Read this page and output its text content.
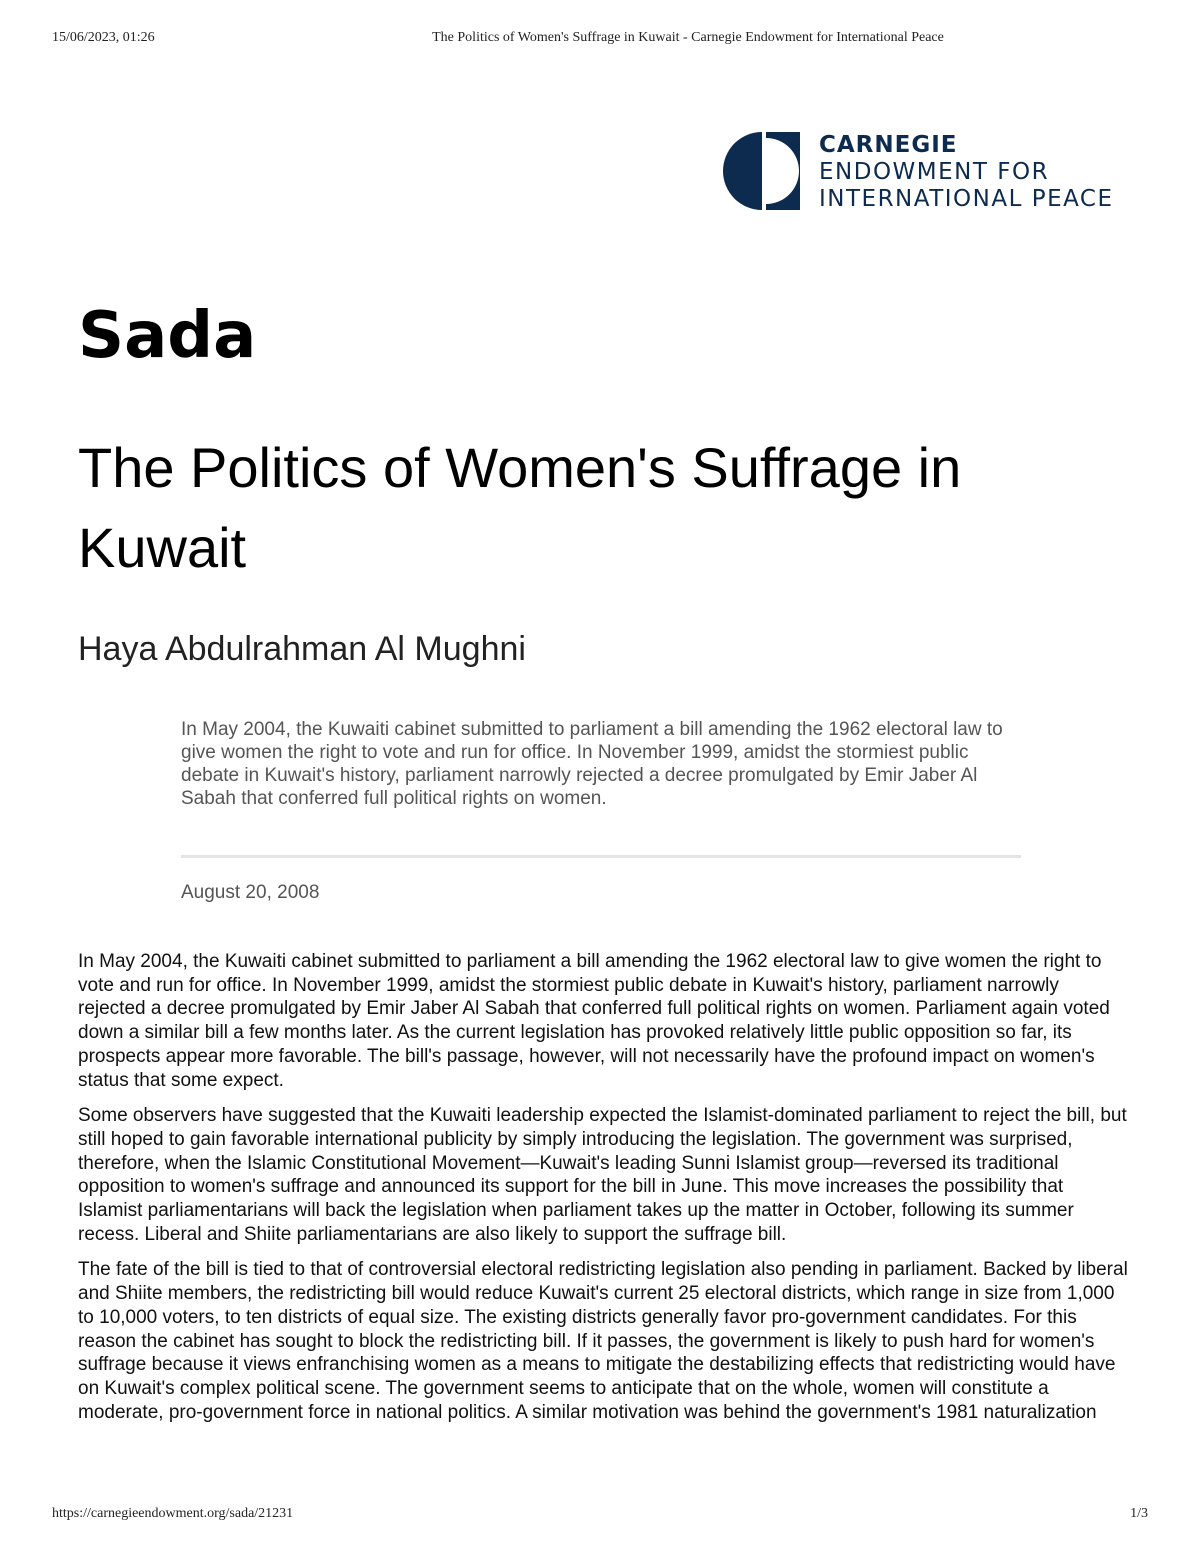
15/06/2023, 01:26	The Politics of Women's Suffrage in Kuwait - Carnegie Endowment for International Peace
CARNEGIE
ENDOWMENT FOR
INTERNATIONAL PEACE
Sada
The Politics of Women's Suffrage in Kuwait
Haya Abdulrahman Al Mughni

In May 2004, the Kuwaiti cabinet submitted to parliament a bill amending the 1962 electoral law to give women the right to vote and run for office. In November 1999, amidst the stormiest public debate in Kuwait's history, parliament narrowly rejected a decree promulgated by Emir Jaber Al Sabah that conferred full political rights on women.

August 20, 2008

In May 2004, the Kuwaiti cabinet submitted to parliament a bill amending the 1962 electoral law to give women the right to vote and run for office. In November 1999, amidst the stormiest public debate in Kuwait's history, parliament narrowly rejected a decree promulgated by Emir Jaber Al Sabah that conferred full political rights on women. Parliament again voted down a similar bill a few months later. As the current legislation has provoked relatively little public opposition so far, its prospects appear more favorable. The bill's passage, however, will not necessarily have the profound impact on women's status that some expect.

Some observers have suggested that the Kuwaiti leadership expected the Islamist-dominated parliament to reject the bill, but still hoped to gain favorable international publicity by simply introducing the legislation. The government was surprised, therefore, when the Islamic Constitutional Movement—Kuwait's leading Sunni Islamist group—reversed its traditional opposition to women's suffrage and announced its support for the bill in June. This move increases the possibility that Islamist parliamentarians will back the legislation when parliament takes up the matter in October, following its summer recess. Liberal and Shiite parliamentarians are also likely to support the suffrage bill.

The fate of the bill is tied to that of controversial electoral redistricting legislation also pending in parliament. Backed by liberal and Shiite members, the redistricting bill would reduce Kuwait's current 25 electoral districts, which range in size from 1,000 to 10,000 voters, to ten districts of equal size. The existing districts generally favor pro-government candidates. For this reason the cabinet has sought to block the redistricting bill. If it passes, the government is likely to push hard for women's suffrage because it views enfranchising women as a means to mitigate the destabilizing effects that redistricting would have on Kuwait's complex political scene. The government seems to anticipate that on the whole, women will constitute a moderate, pro-government force in national politics. A similar motivation was behind the government's 1981 naturalization

https://carnegieendowment.org/sada/21231	1/3
